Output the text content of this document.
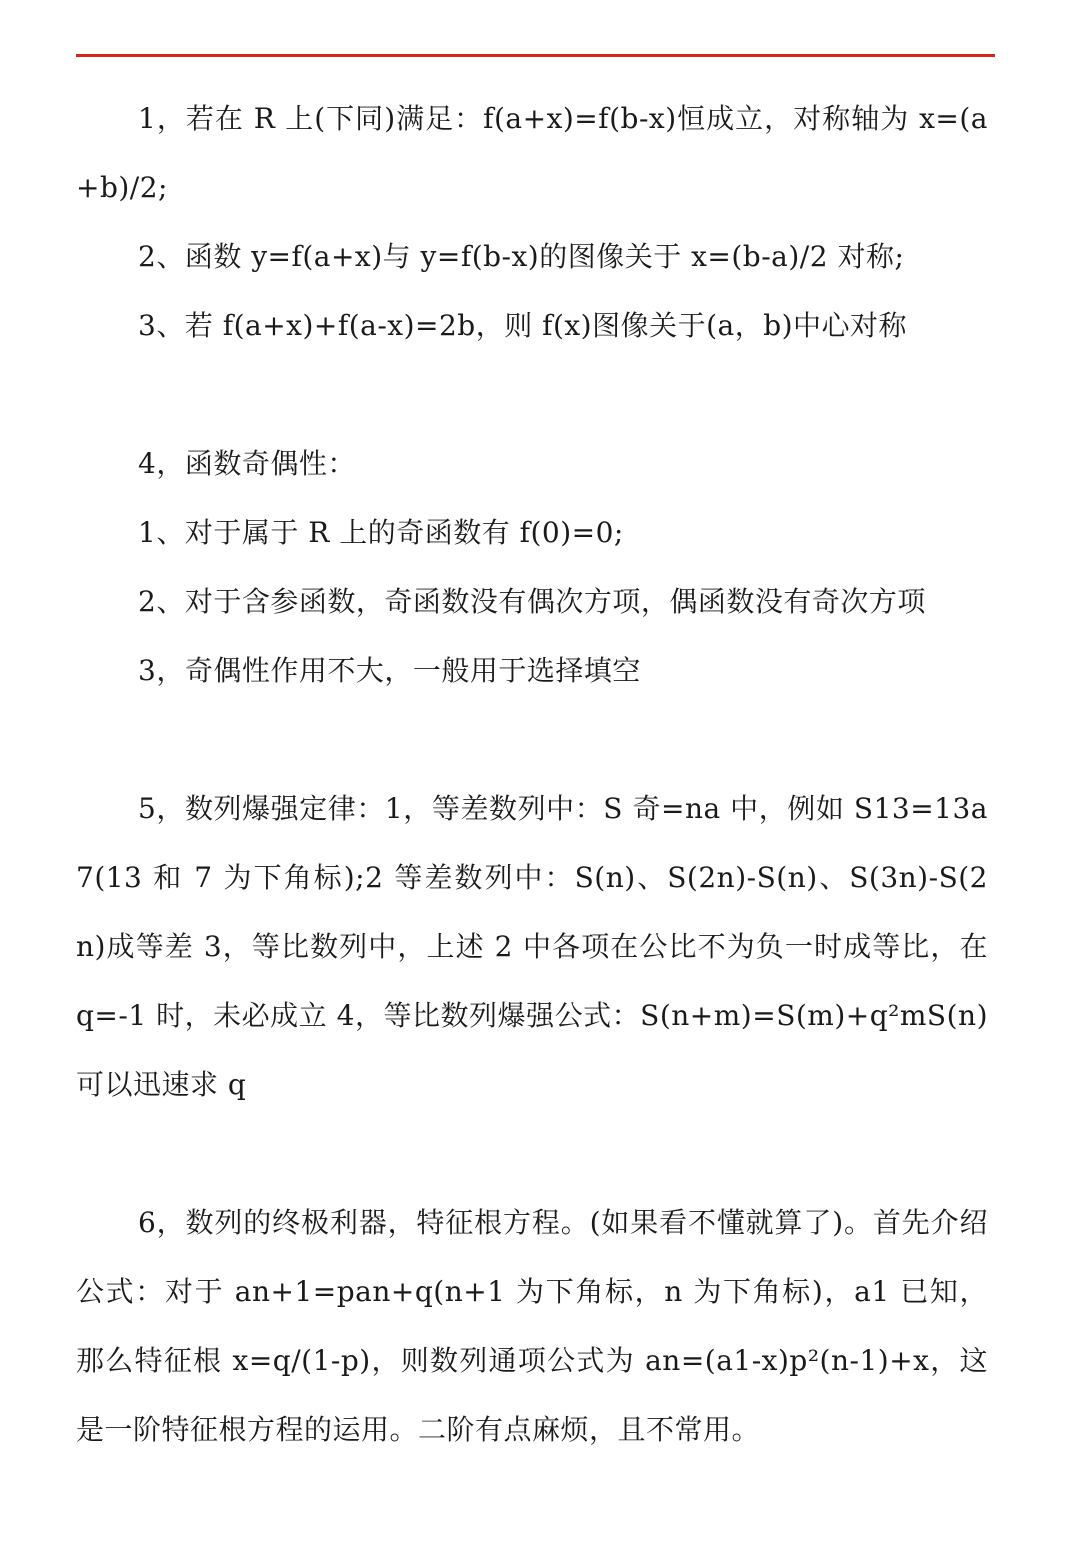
1，若在 R 上(下同)满足：f(a+x)=f(b-x)恒成立，对称轴为 x=(a+b)/2;

2、函数 y=f(a+x)与 y=f(b-x)的图像关于 x=(b-a)/2 对称;

3、若 f(a+x)+f(a-x)=2b，则 f(x)图像关于(a，b)中心对称

4，函数奇偶性：

1、对于属于 R 上的奇函数有 f(0)=0;

2、对于含参函数，奇函数没有偶次方项，偶函数没有奇次方项

3，奇偶性作用不大，一般用于选择填空

5，数列爆强定律：1，等差数列中：S 奇=na 中，例如 S13=13a7(13 和 7 为下角标);2 等差数列中：S(n)、S(2n)-S(n)、S(3n)-S(2n)成等差 3，等比数列中，上述 2 中各项在公比不为负一时成等比，在 q=-1 时，未必成立 4，等比数列爆强公式：S(n+m)=S(m)+q²mS(n)可以迅速求 q

6，数列的终极利器，特征根方程。(如果看不懂就算了)。首先介绍公式：对于 an+1=pan+q(n+1 为下角标，n 为下角标)，a1 已知，那么特征根 x=q/(1-p)，则数列通项公式为 an=(a1-x)p²(n-1)+x，这是一阶特征根方程的运用。二阶有点麻烦，且不常用。
